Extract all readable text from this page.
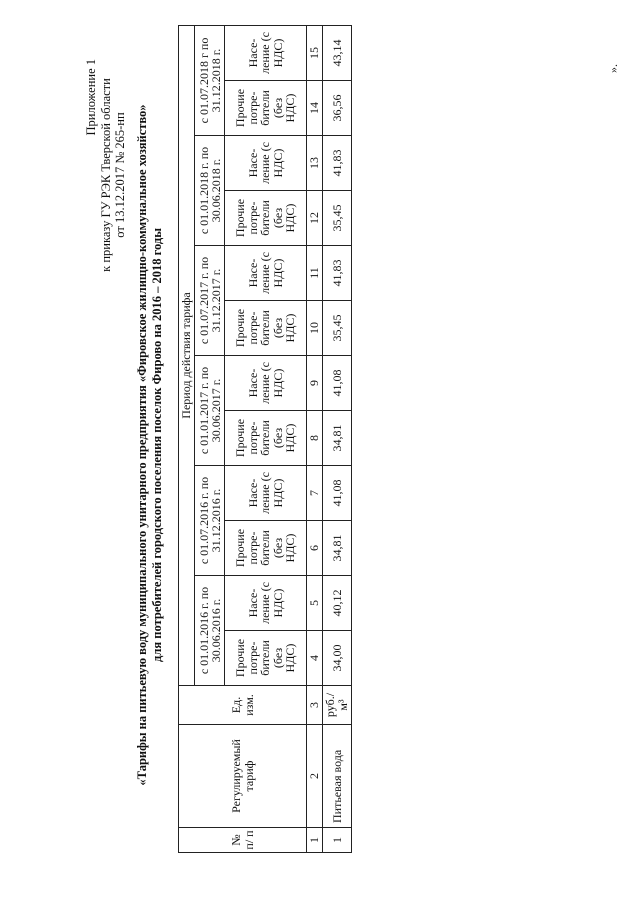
Приложение 1 к приказу ГУ РЭК Тверской области от 13.12.2017 № 265-нп «Тарифы на питьевую воду муниципального унитарного предприятия «Фировское жилищно-коммунальное хозяйство» для потребителей городского поселения поселок Фирово на 2016 – 2018 годы
№ п/ п	Регулируемый тариф	Ед. изм.	Период действия тарифа											
			с 01.01.2016 г. по 30.06.2016 г.		с 01.07.2016 г. по 31.12.2016 г.		с 01.01.2017 г. по 30.06.2017 г.		с 01.07.2017 г. по 31.12.2017 г.		с 01.01.2018 г. по 30.06.2018 г.		с 01.07.2018 г по 31.12.2018 г.	
			Прочие потре- бители (без НДС)	Насе- ление (с НДС)	Прочие потре- бители (без НДС)	Насе- ление (с НДС)	Прочие потре- бители (без НДС)	Насе- ление (с НДС)	Прочие потре- бители (без НДС)	Насе- ление (с НДС)	Прочие потре- бители (без НДС)	Насе- ление (с НДС)	Прочие потре- бители (без НДС)	Насе- ление (с НДС)
1	2	3	4	5	6	7	8	9	10	11	12	13	14	15
1	Питьевая вода	руб./м³	34,00	40,12	34,81	41,08	34,81	41,08	35,45	41,83	35,45	41,83	36,56	43,14
».
